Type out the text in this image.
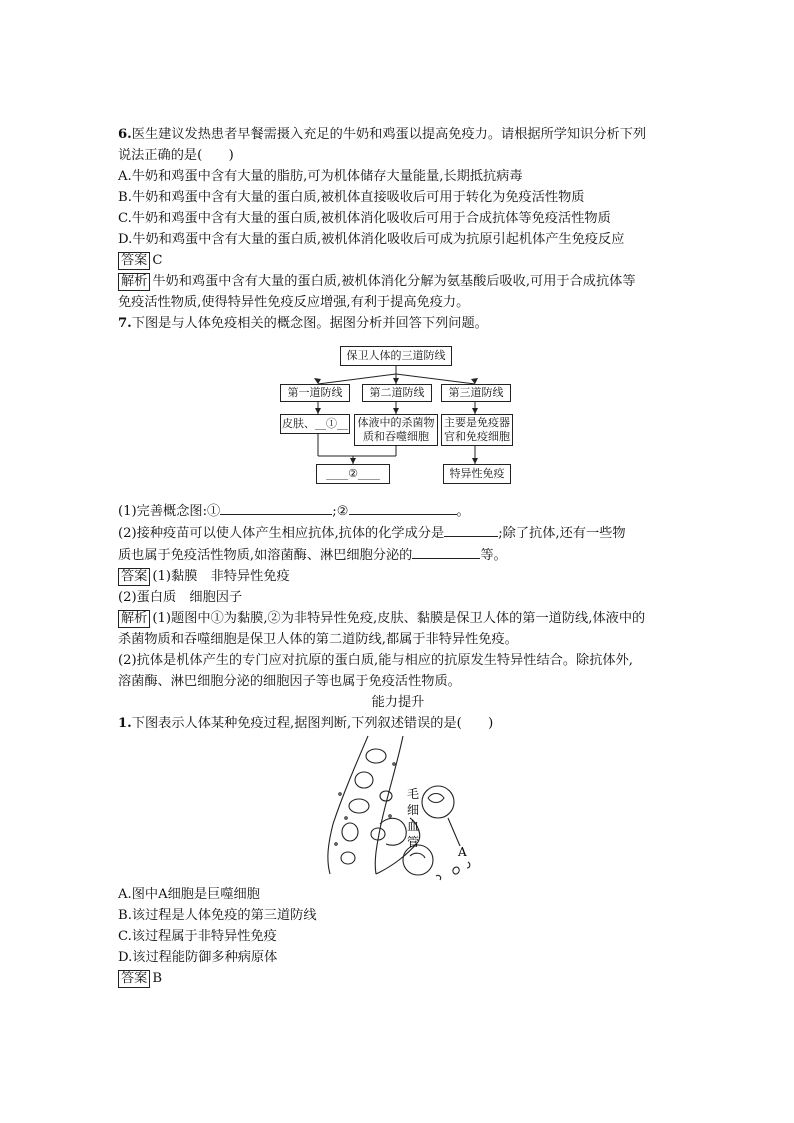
6.医生建议发热患者早餐需摄入充足的牛奶和鸡蛋以提高免疫力。请根据所学知识分析下列
说法正确的是(　　)
A.牛奶和鸡蛋中含有大量的脂肪,可为机体储存大量能量,长期抵抗病毒
B.牛奶和鸡蛋中含有大量的蛋白质,被机体直接吸收后可用于转化为免疫活性物质
C.牛奶和鸡蛋中含有大量的蛋白质,被机体消化吸收后可用于合成抗体等免疫活性物质
D.牛奶和鸡蛋中含有大量的蛋白质,被机体消化吸收后可成为抗原引起机体产生免疫反应
答案 C
解析 牛奶和鸡蛋中含有大量的蛋白质,被机体消化分解为氨基酸后吸收,可用于合成抗体等
免疫活性物质,使得特异性免疫反应增强,有利于提高免疫力。
7.下图是与人体免疫相关的概念图。据图分析并回答下列问题。
保卫人体的三道防线
第一道防线	第二道防线	第三道防线
皮肤、__①__ 体液中的杀菌物
质和吞噬细胞
主要是免疫器
官和免疫细胞
____②____	特异性免疫
(1)完善概念图:①	;②	。
(2)接种疫苗可以使人体产生相应抗体,抗体的化学成分是	;除了抗体,还有一些物
质也属于免疫活性物质,如溶菌酶、淋巴细胞分泌的	等。
答案 (1)黏膜　非特异性免疫
(2)蛋白质　细胞因子
解析 (1)题图中①为黏膜,②为非特异性免疫,皮肤、黏膜是保卫人体的第一道防线,体液中的
杀菌物质和吞噬细胞是保卫人体的第二道防线,都属于非特异性免疫。
(2)抗体是机体产生的专门应对抗原的蛋白质,能与相应的抗原发生特异性结合。除抗体外,
溶菌酶、淋巴细胞分泌的细胞因子等也属于免疫活性物质。
能力提升
1.下图表示人体某种免疫过程,据图判断,下列叙述错误的是(　　)
毛
细
血
管
A
A.图中A细胞是巨噬细胞
B.该过程是人体免疫的第三道防线
C.该过程属于非特异性免疫
D.该过程能防御多种病原体
答案 B
